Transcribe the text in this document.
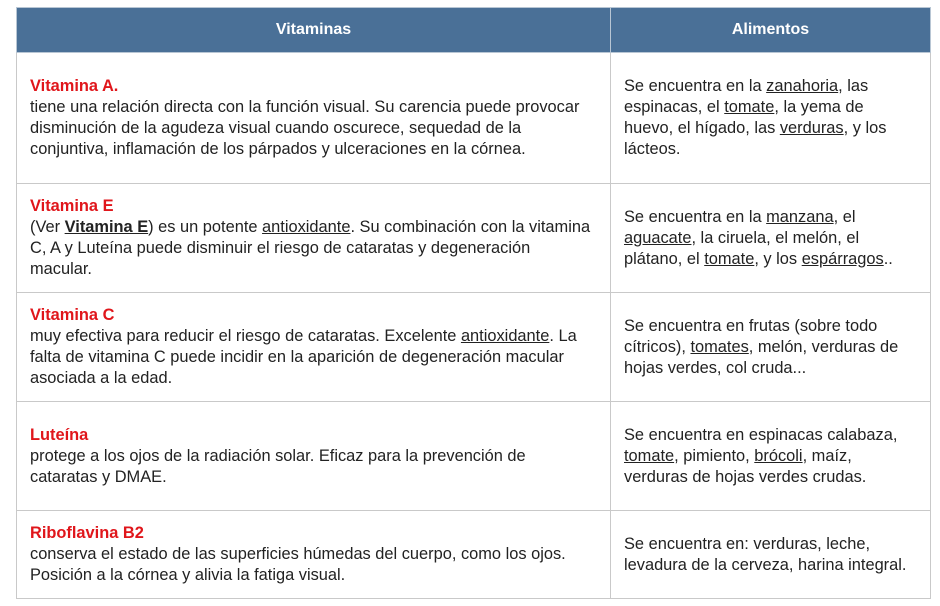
Vitaminas	Alimentos

Vitamina A.
tiene una relación directa con la función visual. Su carencia puede provocar disminución de la agudeza visual cuando oscurece, sequedad de la conjuntiva, inflamación de los párpados y ulceraciones en la córnea.	Se encuentra en la zanahoria, las espinacas, el tomate, la yema de huevo, el hígado, las verduras, y los lácteos.

Vitamina E
(Ver Vitamina E) es un potente antioxidante. Su combinación con la vitamina C, A y Luteína puede disminuir el riesgo de cataratas y degeneración macular.	Se encuentra en la manzana, el aguacate, la ciruela, el melón, el plátano, el tomate, y los espárragos..

Vitamina C
muy efectiva para reducir el riesgo de cataratas. Excelente antioxidante. La falta de vitamina C puede incidir en la aparición de degeneración macular asociada a la edad.	Se encuentra en frutas (sobre todo cítricos), tomates, melón, verduras de hojas verdes, col cruda...

Luteína
protege a los ojos de la radiación solar. Eficaz para la prevención de cataratas y DMAE.	Se encuentra en espinacas calabaza, tomate, pimiento, brócoli, maíz, verduras de hojas verdes crudas.

Riboflavina B2
conserva el estado de las superficies húmedas del cuerpo, como los ojos. Posición a la córnea y alivia la fatiga visual.	Se encuentra en: verduras, leche, levadura de la cerveza, harina integral.
